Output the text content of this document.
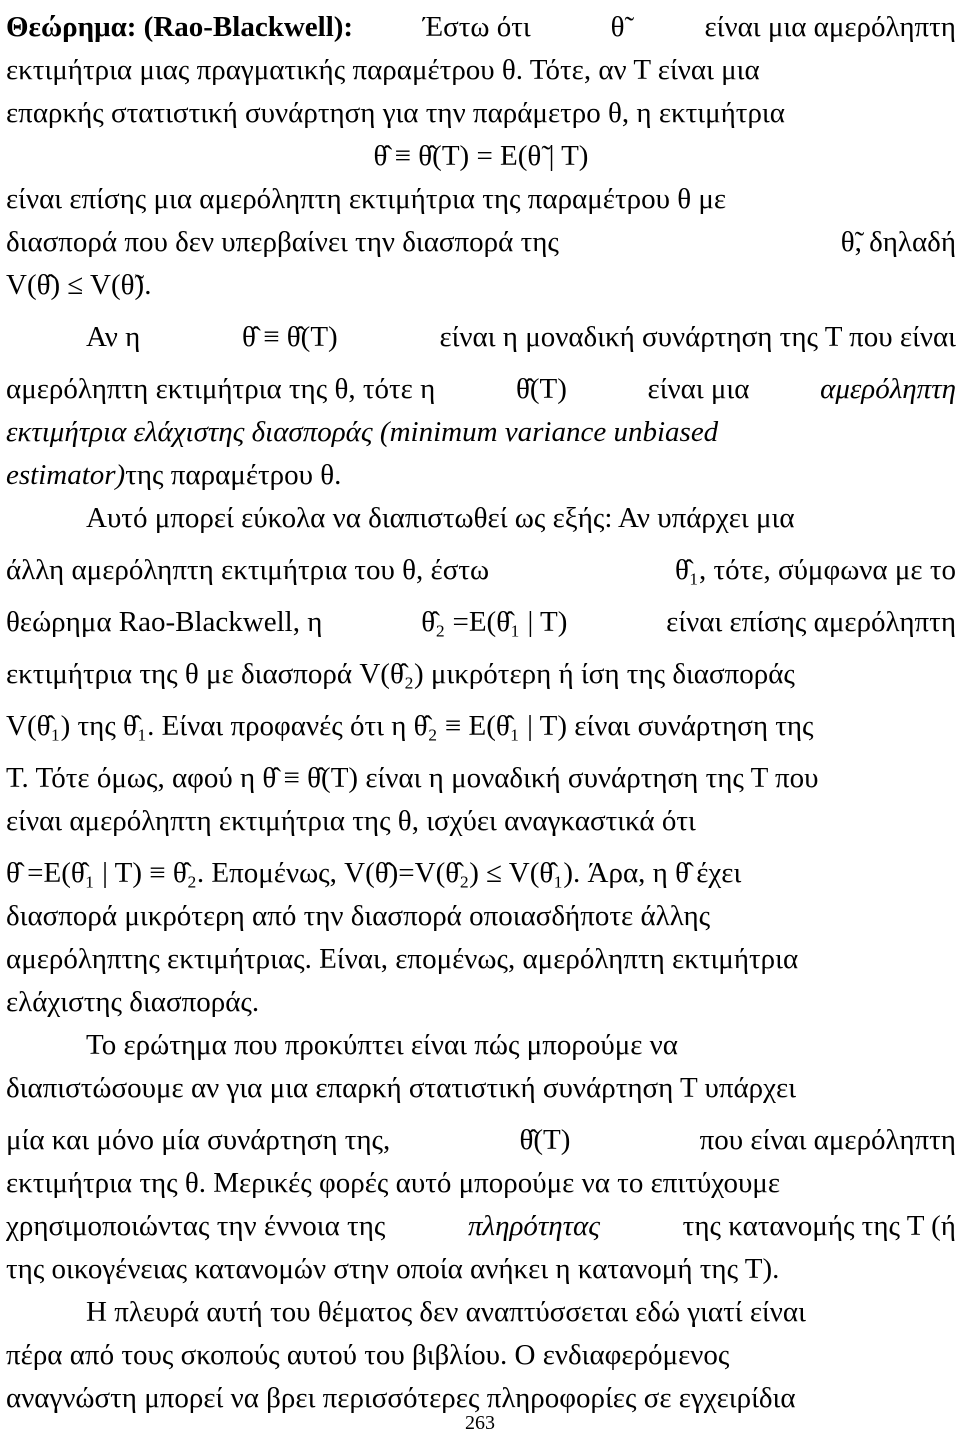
Θεώρημα: (Rao-Blackwell): Έστω ότι	θ̃	είναι μια αμερόληπτη
εκτιμήτρια μιας πραγματικής παραμέτρου θ. Τότε, αν Τ είναι μια
επαρκής στατιστική συνάρτηση για την παράμετρο θ, η εκτιμήτρια
θ̂ ≡ θ̂(Τ) = Ε(θ̃ | Τ)
είναι επίσης μια αμερόληπτη εκτιμήτρια της παραμέτρου θ με
διασπορά που δεν υπερβαίνει την διασπορά της	θ̃, δηλαδή
V(θ̂) ≤ V(θ̃).
Αν η	θ̂ ≡ θ̂(Τ)	είναι η μοναδική συνάρτηση της Τ που είναι
αμερόληπτη εκτιμήτρια της θ, τότε η	θ̂(Τ)	είναι μια αμερόληπτη
εκτιμήτρια ελάχιστης διασποράς (minimum variance unbiased
estimator) της παραμέτρου θ.
Αυτό μπορεί εύκολα να διαπιστωθεί ως εξής: Αν υπάρχει μια
άλλη αμερόληπτη εκτιμήτρια του θ, έστω	θ̂₁, τότε, σύμφωνα με το
θεώρημα Rao-Blackwell, η	θ̂₂ =Ε(θ̂₁ | Τ)	είναι επίσης αμερόληπτη
εκτιμήτρια της θ με διασπορά V(θ̂₂) μικρότερη ή ίση της διασποράς
V(θ̂₁) της θ̂₁. Είναι προφανές ότι η θ̂₂ ≡ Ε(θ̂₁ | Τ) είναι συνάρτηση της
Τ. Τότε όμως, αφού η θ̂ ≡ θ̂(Τ) είναι η μοναδική συνάρτηση της Τ που
είναι αμερόληπτη εκτιμήτρια της θ, ισχύει αναγκαστικά ότι
θ̂ =Ε(θ̂₁ | Τ) ≡ θ̂₂. Επομένως, V(θ̂)=V(θ̂₂) ≤ V(θ̂₁). Άρα, η θ̂ έχει
διασπορά μικρότερη από την διασπορά οποιασδήποτε άλλης
αμερόληπτης εκτιμήτριας. Είναι, επομένως, αμερόληπτη εκτιμήτρια
ελάχιστης διασποράς.
Το ερώτημα που προκύπτει είναι πώς μπορούμε να
διαπιστώσουμε αν για μια επαρκή στατιστική συνάρτηση Τ υπάρχει
μία και μόνο μία συνάρτηση της,	θ̂(Τ)	που είναι αμερόληπτη
εκτιμήτρια της θ. Μερικές φορές αυτό μπορούμε να το επιτύχουμε
χρησιμοποιώντας την έννοια της	πληρότητας	της κατανομής της Τ (ή
της οικογένειας κατανομών στην οποία ανήκει η κατανομή της Τ).
Η πλευρά αυτή του θέματος δεν αναπτύσσεται εδώ γιατί είναι
πέρα από τους σκοπούς αυτού του βιβλίου. Ο ενδιαφερόμενος
αναγνώστη μπορεί να βρει περισσότερες πληροφορίες σε εγχειρίδια
263
